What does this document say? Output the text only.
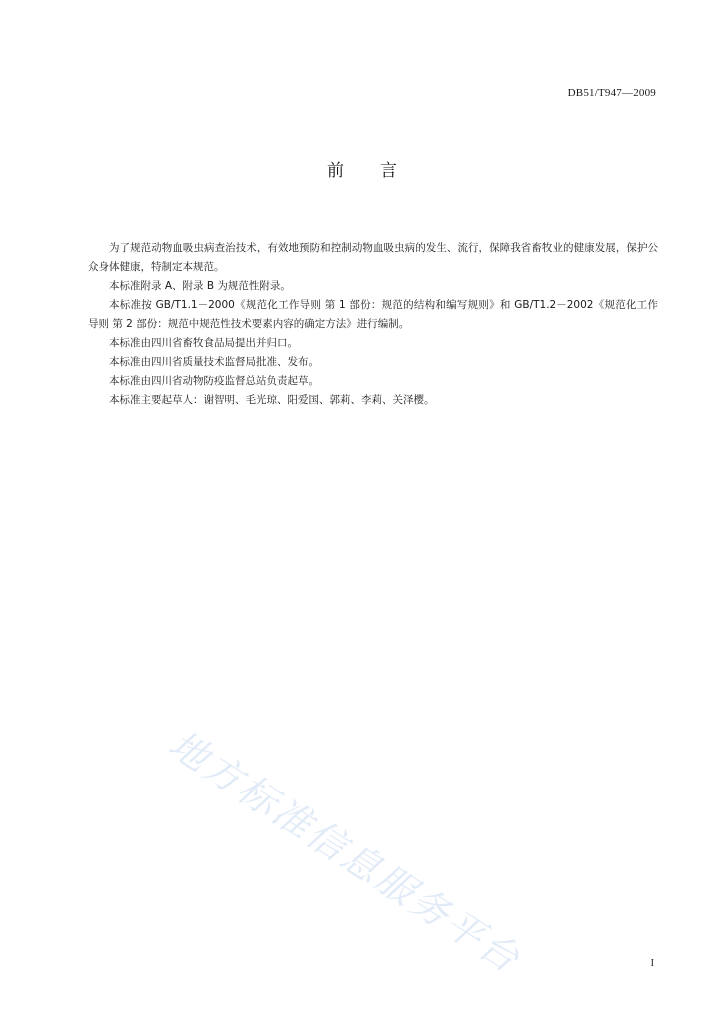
DB51/T947—2009
前言

为了规范动物血吸虫病查治技术，有效地预防和控制动物血吸虫病的发生、流行，保障我省畜牧业的健康发展，保护公众身体健康，特制定本规范。

本标准附录 A、附录 B 为规范性附录。

本标准按 GB/T1.1－2000《规范化工作导则 第 1 部份：规范的结构和编写规则》和 GB/T1.2－2002《规范化工作导则 第 2 部份：规范中规范性技术要素内容的确定方法》进行编制。

本标准由四川省畜牧食品局提出并归口。

本标准由四川省质量技术监督局批准、发布。

本标准由四川省动物防疫监督总站负责起草。

本标准主要起草人：谢智明、毛光琼、阳爱国、郭莉、李莉、关泽樱。

地方标准信息服务平台	I
